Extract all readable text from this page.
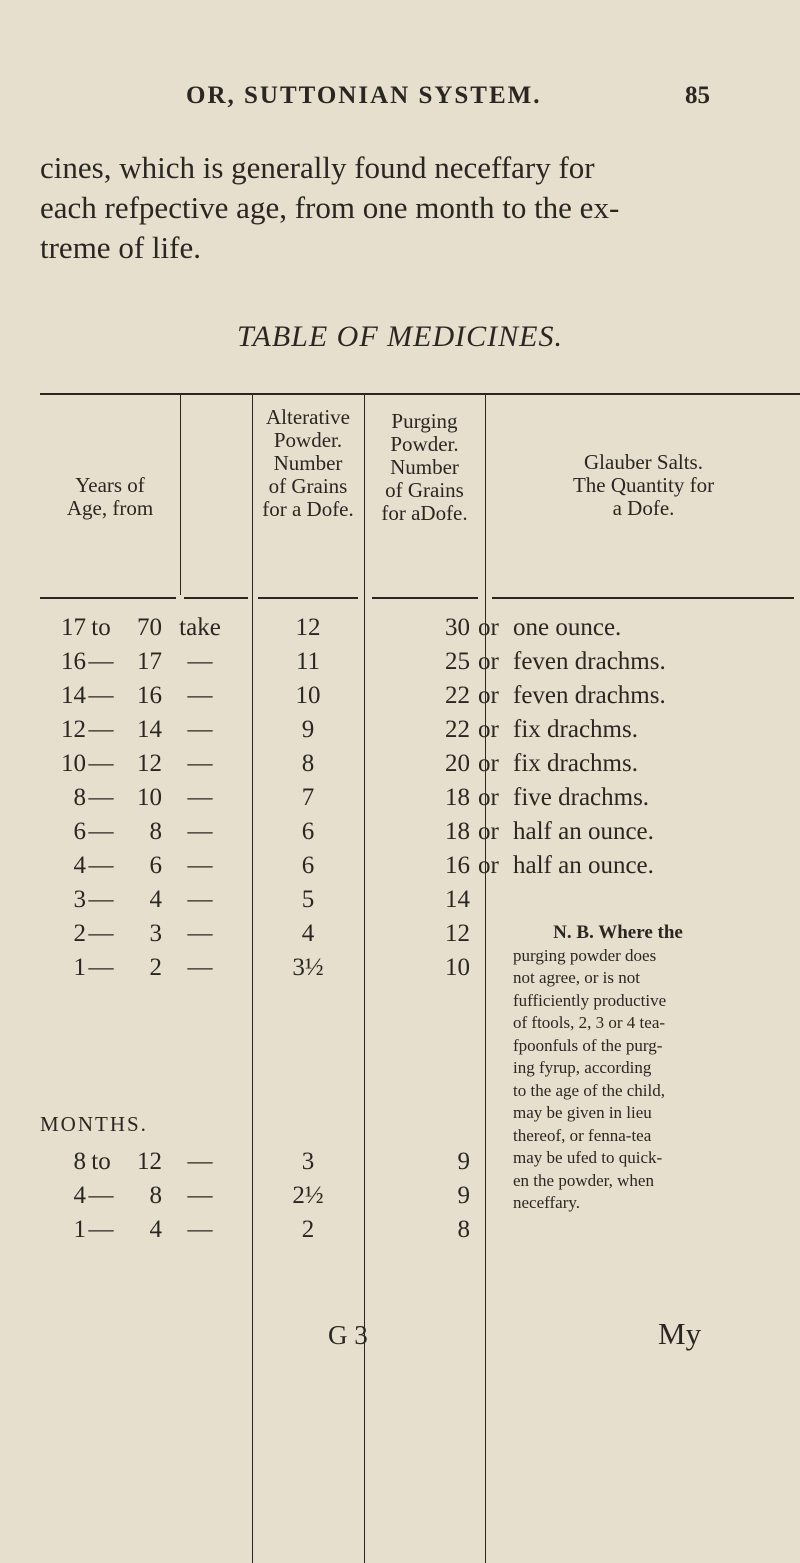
OR, SUTTONIAN SYSTEM.	85

cines, which is generally found neceffary for
each refpective age, from one month to the ex-
treme of life.

TABLE OF MEDICINES.
Years of
Age, from
Alterative
Powder.
Number
of Grains
for a Dofe.
Purging
Powder.
Number
of Grains
for aDofe.
Glauber Salts.
The Quantity for
a Dofe.
17 to	70 take	12	30 or one ounce.
16 — 17	—	11	25 or feven drachms.
14 — 16	—	10	22 or feven drachms.
12 — 14	—	9	22 or fix drachms.
10 — 12	—	8	20 or fix drachms.
8 — 10	—	7	18 or five drachms.
6 —	8	—	6	18 or half an ounce.
4 —	6	—	6	16 or half an ounce.
3 —	4	—	5	14
2 —	3	—	4	12
1 —	2	—	3½	10
MONTHS.
8 to	12	—	3	9
4 —	8	—	2½	9
1 —	4	—	2	8
N. B. Where the
purging powder does
not agree, or is not
fufficiently productive
of ftools, 2, 3 or 4 tea-
fpoonfuls of the purg-
ing fyrup, according
to the age of the child,
may be given in lieu
thereof, or fenna-tea
may be ufed to quick-
en the powder, when
neceffary.
G 3	My
